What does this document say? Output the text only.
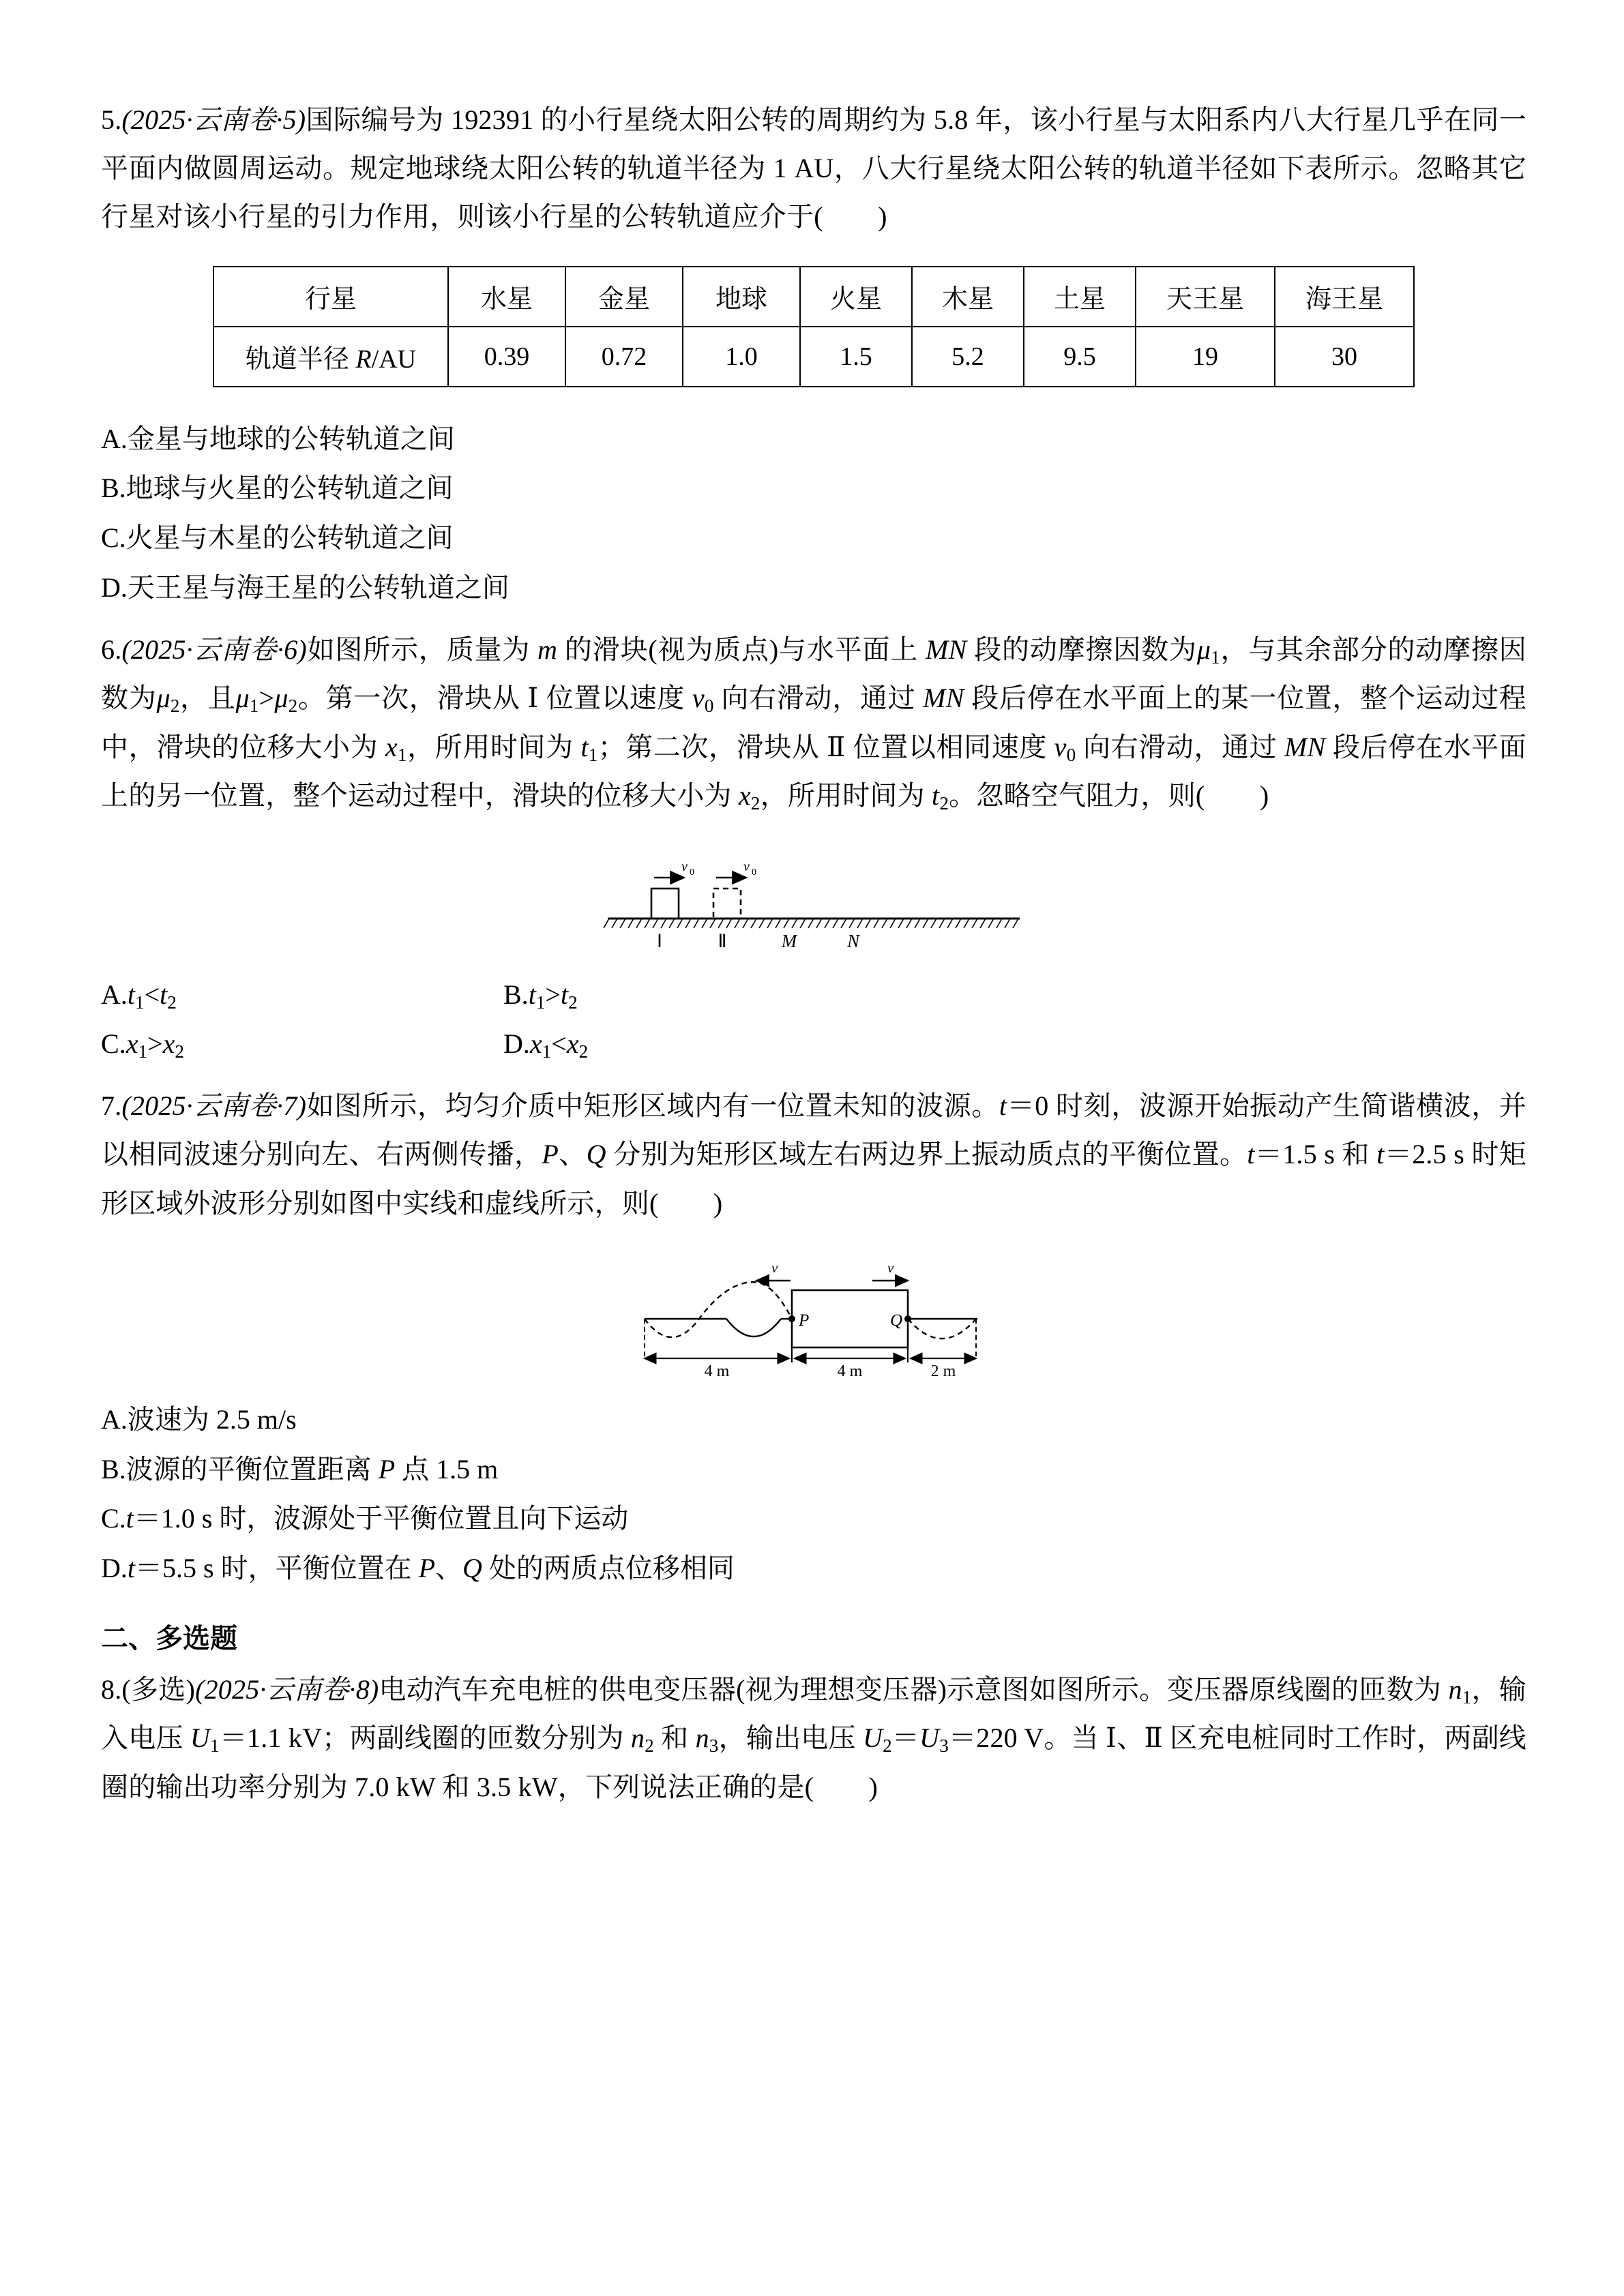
5.(2025·云南卷·5)国际编号为 192391 的小行星绕太阳公转的周期约为 5.8 年，该小行星与太阳系内八大行星几乎在同一平面内做圆周运动。规定地球绕太阳公转的轨道半径为 1 AU，八大行星绕太阳公转的轨道半径如下表所示。忽略其它行星对该小行星的引力作用，则该小行星的公转轨道应介于(　　)
行星	水星	金星	地球	火星	木星	土星	天王星	海王星
轨道半径 R/AU	0.39	0.72	1.0	1.5	5.2	9.5	19	30
A.金星与地球的公转轨道之间
B.地球与火星的公转轨道之间
C.火星与木星的公转轨道之间
D.天王星与海王星的公转轨道之间
6.(2025·云南卷·6)如图所示，质量为 m 的滑块(视为质点)与水平面上 MN 段的动摩擦因数为$\mu_1$，与其余部分的动摩擦因数为$\mu_2$，且$\mu_1>\mu_2$。第一次，滑块从 Ⅰ 位置以速度 $v_0$ 向右滑动，通过 MN 段后停在水平面上的某一位置，整个运动过程中，滑块的位移大小为 $x_1$，所用时间为 $t_1$；第二次，滑块从 Ⅱ 位置以相同速度 $v_0$ 向右滑动，通过 MN 段后停在水平面上的另一位置，整个运动过程中，滑块的位移大小为 $x_2$，所用时间为 $t_2$。忽略空气阻力，则(　　)
v 0	v 0
Ⅰ	Ⅱ	M	N
$A.t_1<t_2$	$B.t_1>t_2$
$C.x_1>x_2$	$D.x_1<x_2$
7.(2025·云南卷·7)如图所示，均匀介质中矩形区域内有一位置未知的波源。t＝0 时刻，波源开始振动产生简谐横波，并以相同波速分别向左、右两侧传播，P、Q 分别为矩形区域左右两边界上振动质点的平衡位置。t＝1.5 s 和 t＝2.5 s 时矩形区域外波形分别如图中实线和虚线所示，则(　　)
P	Q
v	v
4 m	4 m	2 m
A.波速为 2.5 m/s
B.波源的平衡位置距离 P 点 1.5 m
C.t＝1.0 s 时，波源处于平衡位置且向下运动
D.t＝5.5 s 时，平衡位置在 P、Q 处的两质点位移相同
二、多选题
8.(多选)(2025·云南卷·8)电动汽车充电桩的供电变压器(视为理想变压器)示意图如图所示。变压器原线圈的匝数为 $n_1$，输入电压 $U_1=1.1$ kV；两副线圈的匝数分别为 $n_2$ 和 $n_3$，输出电压 $U_2=U_3=220$ V。当 Ⅰ、Ⅱ 区充电桩同时工作时，两副线圈的输出功率分别为 7.0 kW 和 3.5 kW，下列说法正确的是(　　)
